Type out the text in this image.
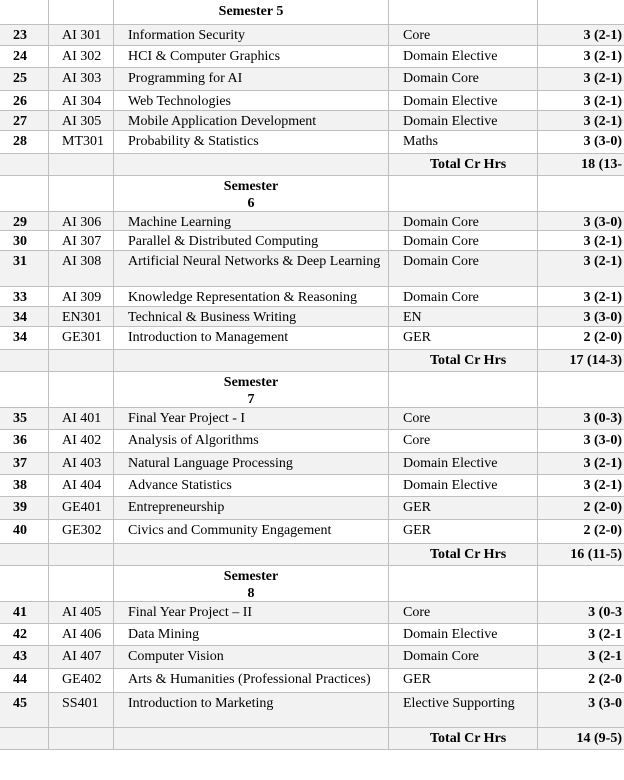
Semester 5

23	AI 301	Information Security	Core	3 (2-1)
24	AI 302	HCI & Computer Graphics	Domain Elective	3 (2-1)
25	AI 303	Programming for AI	Domain Core	3 (2-1)
26	AI 304	Web Technologies	Domain Elective	3 (2-1)
27	AI 305	Mobile Application Development	Domain Elective	3 (2-1)
28	MT301	Probability & Statistics	Maths	3 (3-0)
Total Cr Hrs	18 (13-
Semester
6
29	AI 306	Machine Learning	Domain Core	3 (3-0)
30	AI 307	Parallel & Distributed Computing	Domain Core	3 (2-1)
31	AI 308	Artificial Neural Networks & Deep Learning	Domain Core	3 (2-1)
33	AI 309	Knowledge Representation & Reasoning	Domain Core	3 (2-1)
34	EN301	Technical & Business Writing	EN	3 (3-0)
34	GE301	Introduction to Management	GER	2 (2-0)
Total Cr Hrs	17 (14-3)
Semester
7
35	AI 401	Final Year Project - I	Core	3 (0-3)
36	AI 402	Analysis of Algorithms	Core	3 (3-0)
37	AI 403	Natural Language Processing	Domain Elective	3 (2-1)
38	AI 404	Advance Statistics	Domain Elective	3 (2-1)
39	GE401	Entrepreneurship	GER	2 (2-0)
40	GE302	Civics and Community Engagement	GER	2 (2-0)
Total Cr Hrs	16 (11-5)
Semester
8
41	AI 405	Final Year Project – II	Core	3 (0-3
42	AI 406	Data Mining	Domain Elective	3 (2-1
43	AI 407	Computer Vision	Domain Core	3 (2-1
44	GE402	Arts & Humanities (Professional Practices)	GER	2 (2-0
45	SS401	Introduction to Marketing	Elective Supporting	3 (3-0
Total Cr Hrs	14 (9-5)
